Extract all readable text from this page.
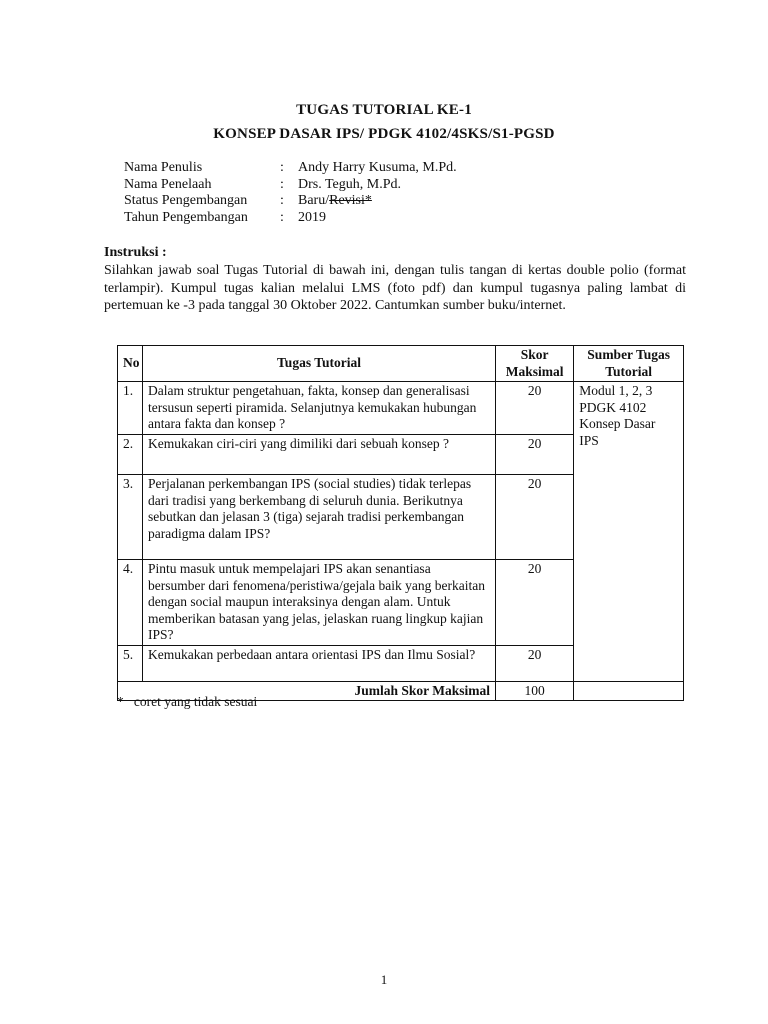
TUGAS TUTORIAL KE-1
KONSEP DASAR IPS/ PDGK 4102/4SKS/S1-PGSD
Nama Penulis	:	Andy Harry Kusuma, M.Pd.
Nama Penelaah	:	Drs. Teguh, M.Pd.
Status Pengembangan	:	Baru/Revisi*
Tahun Pengembangan	:	2019
Instruksi :
Silahkan jawab soal Tugas Tutorial di bawah ini, dengan tulis tangan di kertas double polio (format terlampir). Kumpul tugas kalian melalui LMS (foto pdf) dan kumpul tugasnya paling lambat di pertemuan ke -3 pada tanggal 30 Oktober 2022. Cantumkan sumber buku/internet.
No	Tugas Tutorial	Skor Maksimal	Sumber Tugas Tutorial
1.	Dalam struktur pengetahuan, fakta, konsep dan generalisasi tersusun seperti piramida. Selanjutnya kemukakan hubungan antara fakta dan konsep ?	20	Modul 1, 2, 3 PDGK 4102 Konsep Dasar IPS
2.	Kemukakan ciri-ciri yang dimiliki dari sebuah konsep ?	20	
3.	Perjalanan perkembangan IPS (social studies) tidak terlepas dari tradisi yang berkembang di seluruh dunia. Berikutnya sebutkan dan jelasan 3 (tiga) sejarah tradisi perkembangan paradigma dalam IPS?	20	
4.	Pintu masuk untuk mempelajari IPS akan senantiasa bersumber dari fenomena/peristiwa/gejala baik yang berkaitan dengan social maupun interaksinya dengan alam. Untuk memberikan batasan yang jelas, jelaskan ruang lingkup kajian IPS?	20	
5.	Kemukakan perbedaan antara orientasi IPS dan Ilmu Sosial?	20	
Jumlah Skor Maksimal		100	
*   coret yang tidak sesuai
1
